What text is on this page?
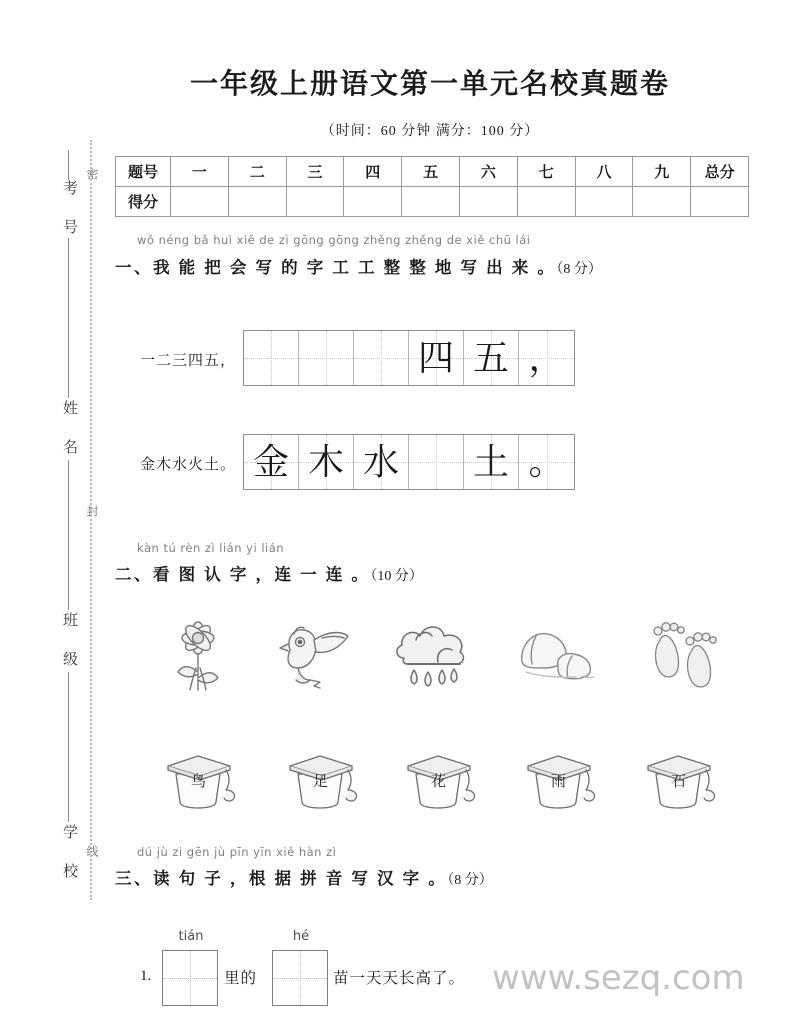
密
封
线
考 号
姓 名
班 级
学 校
一年级上册语文第一单元名校真题卷
（时间：60 分钟 满分：100 分）
题号	一	二	三	四	五	六	七	八	九	总分
得分										
wǒ néng bǎ huì xiě de zì gōng gōng zhěng zhěng de xiě chū lái
一、我 能 把 会 写 的 字 工 工 整 整 地 写 出 来 。（8 分）
一二三四五，	四 五 ，
金木水火土。 金 木 水 土 。
kàn tú rèn zì lián yi lián
二、看 图 认 字 ，连 一 连 。（10 分）
鸟	足	花	雨	石
dú jù zi gēn jù pīn yīn xiě hàn zì
三、读 句 子 ，根 据 拼 音 写 汉 字 。（8 分）
1.
tián
里的
hé
苗一天天长高了。 www.sezq.com
